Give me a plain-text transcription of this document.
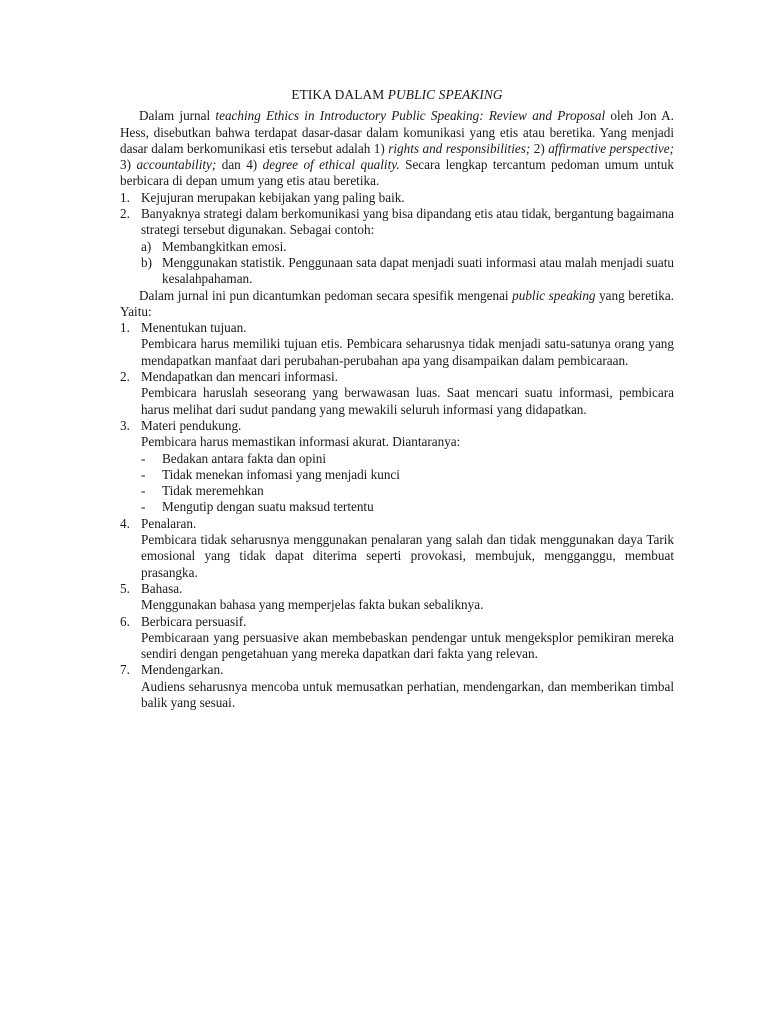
ETIKA DALAM PUBLIC SPEAKING

Dalam jurnal teaching Ethics in Introductory Public Speaking: Review and Proposal oleh Jon A. Hess, disebutkan bahwa terdapat dasar-dasar dalam komunikasi yang etis atau beretika. Yang menjadi dasar dalam berkomunikasi etis tersebut adalah 1) rights and responsibilities; 2) affirmative perspective; 3) accountability; dan 4) degree of ethical quality. Secara lengkap tercantum pedoman umum untuk berbicara di depan umum yang etis atau beretika.

1. Kejujuran merupakan kebijakan yang paling baik.
2. Banyaknya strategi dalam berkomunikasi yang bisa dipandang etis atau tidak, bergantung bagaimana strategi tersebut digunakan. Sebagai contoh:
a) Membangkitkan emosi.
b) Menggunakan statistik. Penggunaan sata dapat menjadi suati informasi atau malah menjadi suatu kesalahpahaman.

Dalam jurnal ini pun dicantumkan pedoman secara spesifik mengenai public speaking yang beretika. Yaitu:

1. Menentukan tujuan.
Pembicara harus memiliki tujuan etis. Pembicara seharusnya tidak menjadi satu-satunya orang yang mendapatkan manfaat dari perubahan-perubahan apa yang disampaikan dalam pembicaraan.
2. Mendapatkan dan mencari informasi.
Pembicara haruslah seseorang yang berwawasan luas. Saat mencari suatu informasi, pembicara harus melihat dari sudut pandang yang mewakili seluruh informasi yang didapatkan.
3. Materi pendukung.
Pembicara harus memastikan informasi akurat. Diantaranya:
- Bedakan antara fakta dan opini
- Tidak menekan infomasi yang menjadi kunci
- Tidak meremehkan
- Mengutip dengan suatu maksud tertentu
4. Penalaran.
Pembicara tidak seharusnya menggunakan penalaran yang salah dan tidak menggunakan daya Tarik emosional yang tidak dapat diterima seperti provokasi, membujuk, mengganggu, membuat prasangka.
5. Bahasa.
Menggunakan bahasa yang memperjelas fakta bukan sebaliknya.
6. Berbicara persuasif.
Pembicaraan yang persuasive akan membebaskan pendengar untuk mengeksplor pemikiran mereka sendiri dengan pengetahuan yang mereka dapatkan dari fakta yang relevan.
7. Mendengarkan.
Audiens seharusnya mencoba untuk memusatkan perhatian, mendengarkan, dan memberikan timbal balik yang sesuai.
